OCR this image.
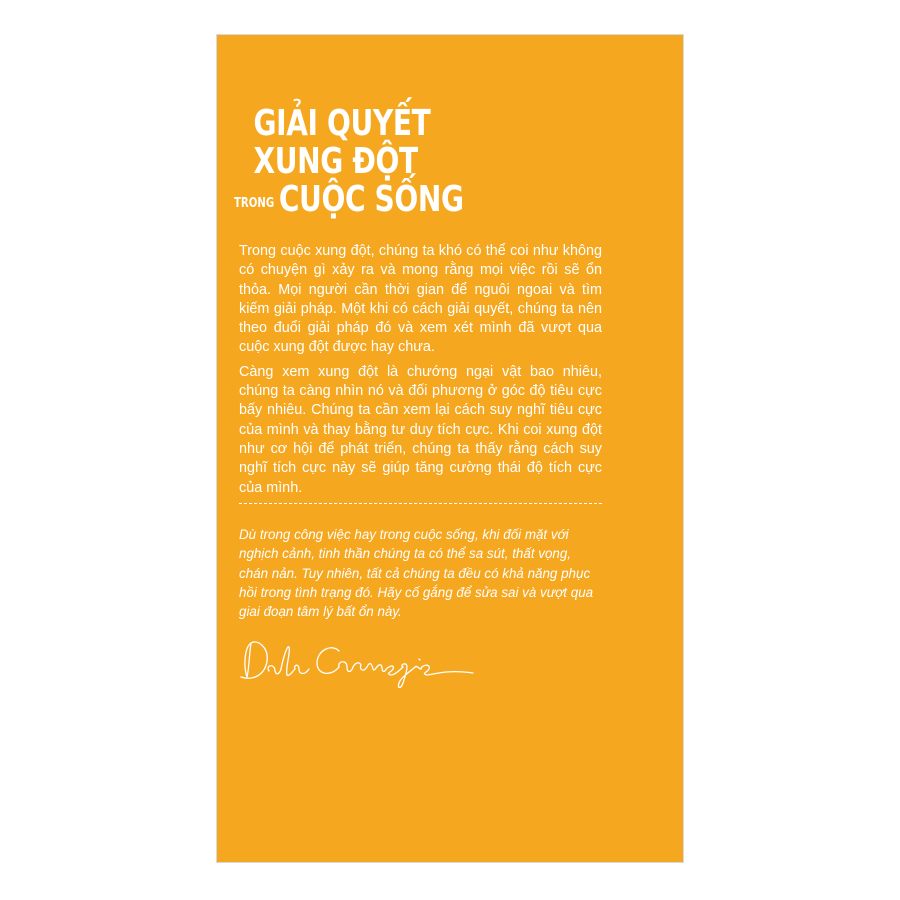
GIẢI QUYẾT
XUNG ĐỘT
TRONG CUỘC SỐNG

Trong cuộc xung đột, chúng ta khó có thể coi như không có chuyện gì xảy ra và mong rằng mọi việc rồi sẽ ổn thỏa. Mọi người cần thời gian để nguôi ngoai và tìm kiếm giải pháp. Một khi có cách giải quyết, chúng ta nên theo đuổi giải pháp đó và xem xét mình đã vượt qua cuộc xung đột được hay chưa.

Càng xem xung đột là chướng ngại vật bao nhiêu, chúng ta càng nhìn nó và đối phương ở góc độ tiêu cực bấy nhiêu. Chúng ta cần xem lại cách suy nghĩ tiêu cực của mình và thay bằng tư duy tích cực. Khi coi xung đột như cơ hội để phát triển, chúng ta thấy rằng cách suy nghĩ tích cực này sẽ giúp tăng cường thái độ tích cực của mình.

Dù trong công việc hay trong cuộc sống, khi đối mặt với nghịch cảnh, tinh thần chúng ta có thể sa sút, thất vọng, chán nản. Tuy nhiên, tất cả chúng ta đều có khả năng phục hồi trong tình trạng đó. Hãy cố gắng để sửa sai và vượt qua giai đoạn tâm lý bất ổn này.
